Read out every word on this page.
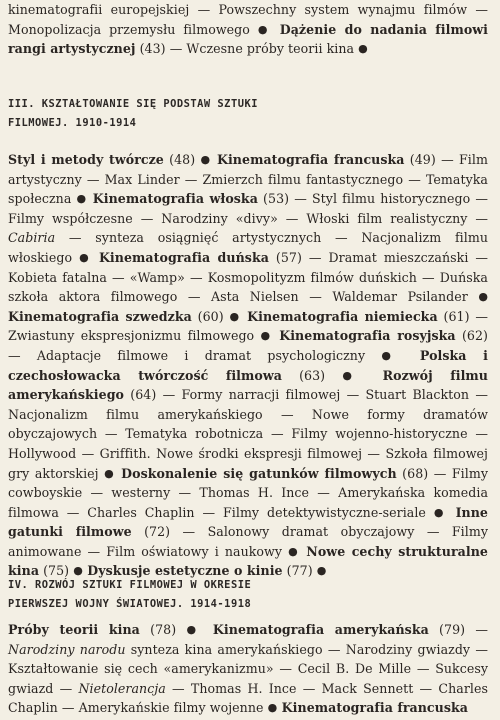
kinematografii europejskiej — Powszechny system wynajmu filmów — Monopolizacja przemysłu filmowego ● Dążenie do nadania filmowi rangi artystycznej (43) — Wczesne próby teorii kina ●
III. KSZTAŁTOWANIE SIĘ PODSTAW SZTUKI
FILMOWEJ. 1910-1914
Styl i metody twórcze (48) ● Kinematografia francuska (49) — Film artystyczny — Max Linder — Zmierzch filmu fantastycznego — Tematyka społeczna ● Kinematografia włoska (53) — Styl filmu historycznego — Filmy współczesne — Narodziny «divy» — Włoski film realistyczny — Cabiria — synteza osiągnięć artystycznych — Nacjonalizm filmu włoskiego ● Kinematografia duńska (57) — Dramat mieszczański — Kobieta fatalna — «Wamp» — Kosmopolityzm filmów duńskich — Duńska szkoła aktora filmowego — Asta Nielsen — Waldemar Psilander ● Kinematografia szwedzka (60) ● Kinematografia niemiecka (61) — Zwiastuny ekspresjonizmu filmowego ● Kinematografia rosyjska (62) — Adaptacje filmowe i dramat psychologiczny ● Polska i czechosłowacka twórczość filmowa (63) ● Rozwój filmu amerykańskiego (64) — Formy narracji filmowej — Stuart Blackton — Nacjonalizm filmu amerykańskiego — Nowe formy dramatów obyczajowych — Tematyka robotnicza — Filmy wojenno-historyczne — Hollywood — Griffith. Nowe środki ekspresji filmowej — Szkoła filmowej gry aktorskiej ● Doskonalenie się gatunków filmowych (68) — Filmy cowboyskie — westerny — Thomas H. Ince — Amerykańska komedia filmowa — Charles Chaplin — Filmy detektywistyczne-seriale ● Inne gatunki filmowe (72) — Salonowy dramat obyczajowy — Filmy animowane — Film oświatowy i naukowy ● Nowe cechy strukturalne kina (75) ● Dyskusje estetyczne o kinie (77) ●
IV. ROZWÓJ SZTUKI FILMOWEJ W OKRESIE
PIERWSZEJ WOJNY ŚWIATOWEJ. 1914-1918
Próby teorii kina (78) ● Kinematografia amerykańska (79) — Narodziny narodu synteza kina amerykańskiego — Narodziny gwiazdy — Kształtowanie się cech «amerykanizmu» — Cecil B. De Mille — Sukcesy gwiazd — Nietolerancja — Thomas H. Ince — Mack Sennett — Charles Chaplin — Amerykańskie filmy wojenne ● Kinematografia francuska
